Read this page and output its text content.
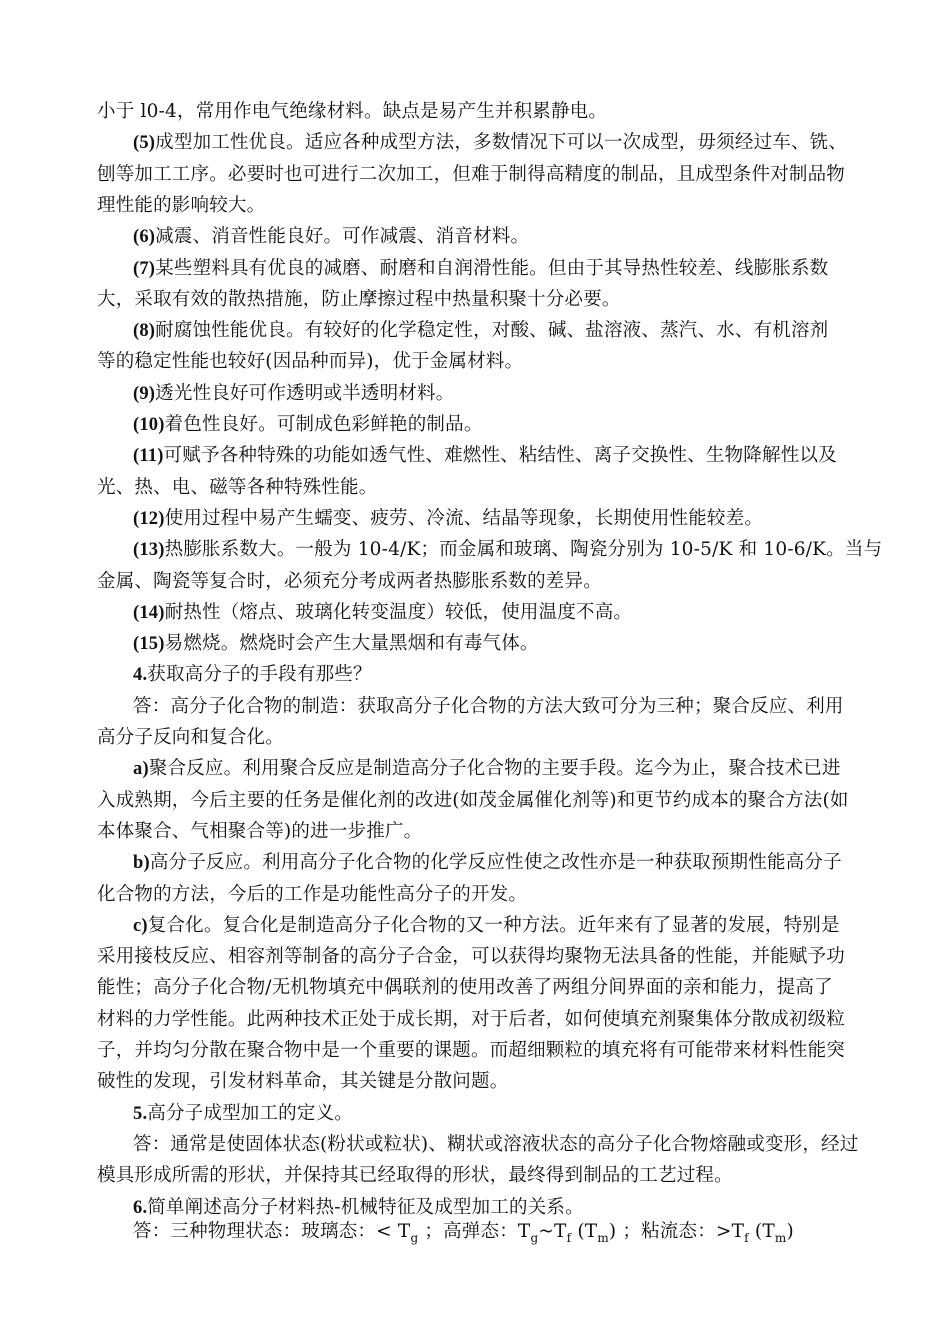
小于 l0-4，常用作电气绝缘材料。缺点是易产生并积累静电。
(5)成型加工性优良。适应各种成型方法，多数情况下可以一次成型，毋须经过车、铣、
刨等加工工序。必要时也可进行二次加工，但难于制得高精度的制品，且成型条件对制品物
理性能的影响较大。
(6)减震、消音性能良好。可作减震、消音材料。
(7)某些塑料具有优良的减磨、耐磨和自润滑性能。但由于其导热性较差、线膨胀系数
大，采取有效的散热措施，防止摩擦过程中热量积聚十分必要。
(8)耐腐蚀性能优良。有较好的化学稳定性，对酸、碱、盐溶液、蒸汽、水、有机溶剂
等的稳定性能也较好(因品种而异)，优于金属材料。
(9)透光性良好可作透明或半透明材料。
(10)着色性良好。可制成色彩鲜艳的制品。
(11)可赋予各种特殊的功能如透气性、难燃性、粘结性、离子交换性、生物降解性以及
光、热、电、磁等各种特殊性能。
(12)使用过程中易产生蠕变、疲劳、冷流、结晶等现象，长期使用性能较差。
(13)热膨胀系数大。一般为 10-4/K；而金属和玻璃、陶瓷分别为 10-5/K 和 10-6/K。当与
金属、陶瓷等复合时，必须充分考成两者热膨胀系数的差异。
(14)耐热性（熔点、玻璃化转变温度）较低，使用温度不高。
(15)易燃烧。燃烧时会产生大量黑烟和有毒气体。
4.获取高分子的手段有那些？
答：高分子化合物的制造：获取高分子化合物的方法大致可分为三种；聚合反应、利用
高分子反向和复合化。
a)聚合反应。利用聚合反应是制造高分子化合物的主要手段。迄今为止，聚合技术已进
入成熟期，今后主要的任务是催化剂的改进(如茂金属催化剂等)和更节约成本的聚合方法(如
本体聚合、气相聚合等)的进一步推广。
b)高分子反应。利用高分子化合物的化学反应性使之改性亦是一种获取预期性能高分子
化合物的方法，今后的工作是功能性高分子的开发。
c)复合化。复合化是制造高分子化合物的又一种方法。近年来有了显著的发展，特别是
采用接枝反应、相容剂等制备的高分子合金，可以获得均聚物无法具备的性能，并能赋予功
能性；高分子化合物/无机物填充中偶联剂的使用改善了两组分间界面的亲和能力，提高了
材料的力学性能。此两种技术正处于成长期，对于后者，如何使填充剂聚集体分散成初级粒
子，并均匀分散在聚合物中是一个重要的课题。而超细颗粒的填充将有可能带来材料性能突
破性的发现，引发材料革命，其关键是分散问题。
5.高分子成型加工的定义。
答：通常是使固体状态(粉状或粒状)、糊状或溶液状态的高分子化合物熔融或变形，经过
模具形成所需的形状，并保持其已经取得的形状，最终得到制品的工艺过程。
6.简单阐述高分子材料热-机械特征及成型加工的关系。
答：三种物理状态：玻璃态：< $T_g$ ；高弹态：$T_g\sim T_f$ $(T_m)$ ；粘流态：$>T_f$ $(T_m)$
